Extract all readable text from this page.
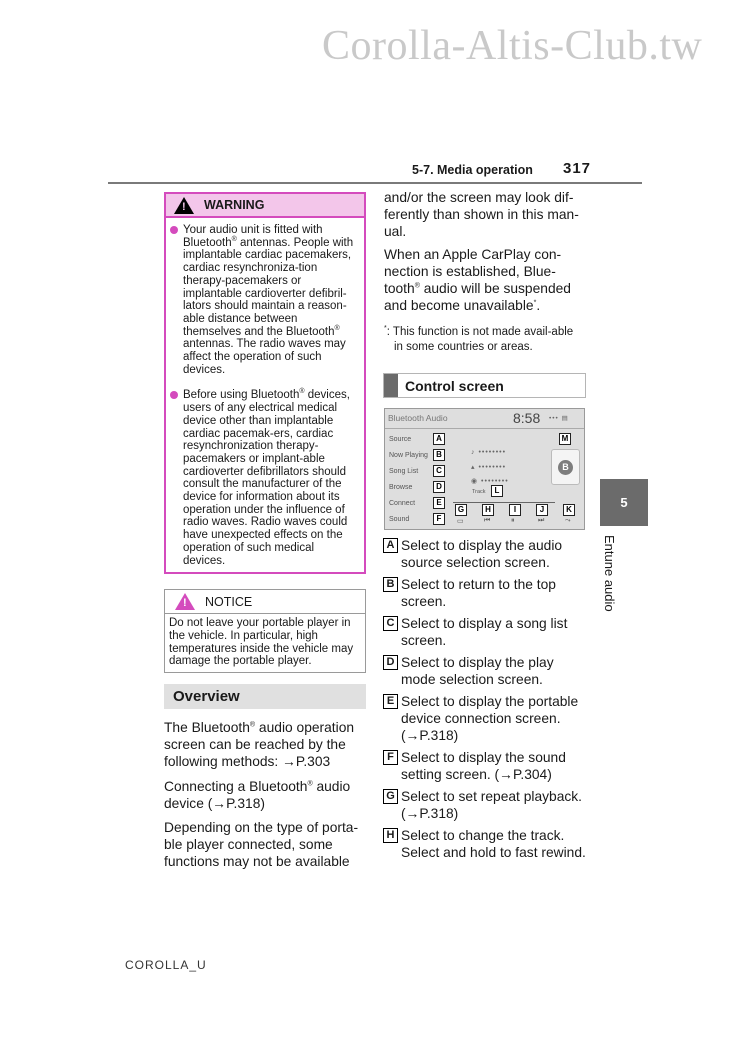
Corolla-Altis-Club.tw
5-7. Media operation 317
5
Entune audio
! WARNING
Your audio unit is fitted with Bluetooth® antennas. People with implantable cardiac pacemakers, cardiac resynchroniza-tion therapy-pacemakers or implantable cardioverter defibril-lators should maintain a reason-able distance between themselves and the Bluetooth® antennas. The radio waves may affect the operation of such devices.
Before using Bluetooth® devices, users of any electrical medical device other than implantable cardiac pacemak-ers, cardiac resynchronization therapy-pacemakers or implant-able cardioverter defibrillators should consult the manufacturer of the device for information about its operation under the influence of radio waves. Radio waves could have unexpected effects on the operation of such medical devices.
! NOTICE
Do not leave your portable player in the vehicle. In particular, high temperatures inside the vehicle may damage the portable player.
Overview
The Bluetooth® audio operation screen can be reached by the following methods: →P.303
Connecting a Bluetooth® audio device (→P.318)
Depending on the type of porta-ble player connected, some functions may not be available
and/or the screen may look dif-ferently than shown in this man-ual.
When an Apple CarPlay con-nection is established, Blue-tooth® audio will be suspended and become unavailable*.
*: This function is not made avail-able in some countries or areas.
Control screen
Bluetooth Audio	8:58 ••• ▤
Source
Now Playing
Song List
Browse
Connect
Sound
♪ ••••••••
▴ ••••••••
◉ ••••••••
B
Track
▭	⏮	⏸	⏭	⤳
A
B
C
D
E
F
G	H	I	J	K
L
M
A Select to display the audio source selection screen.
B Select to return to the top screen.
C Select to display a song list screen.
D Select to display the play mode selection screen.
E Select to display the portable device connection screen. (→P.318)
F Select to display the sound setting screen. (→P.304)
G Select to set repeat playback. (→P.318)
H Select to change the track. Select and hold to fast rewind.
COROLLA_U
